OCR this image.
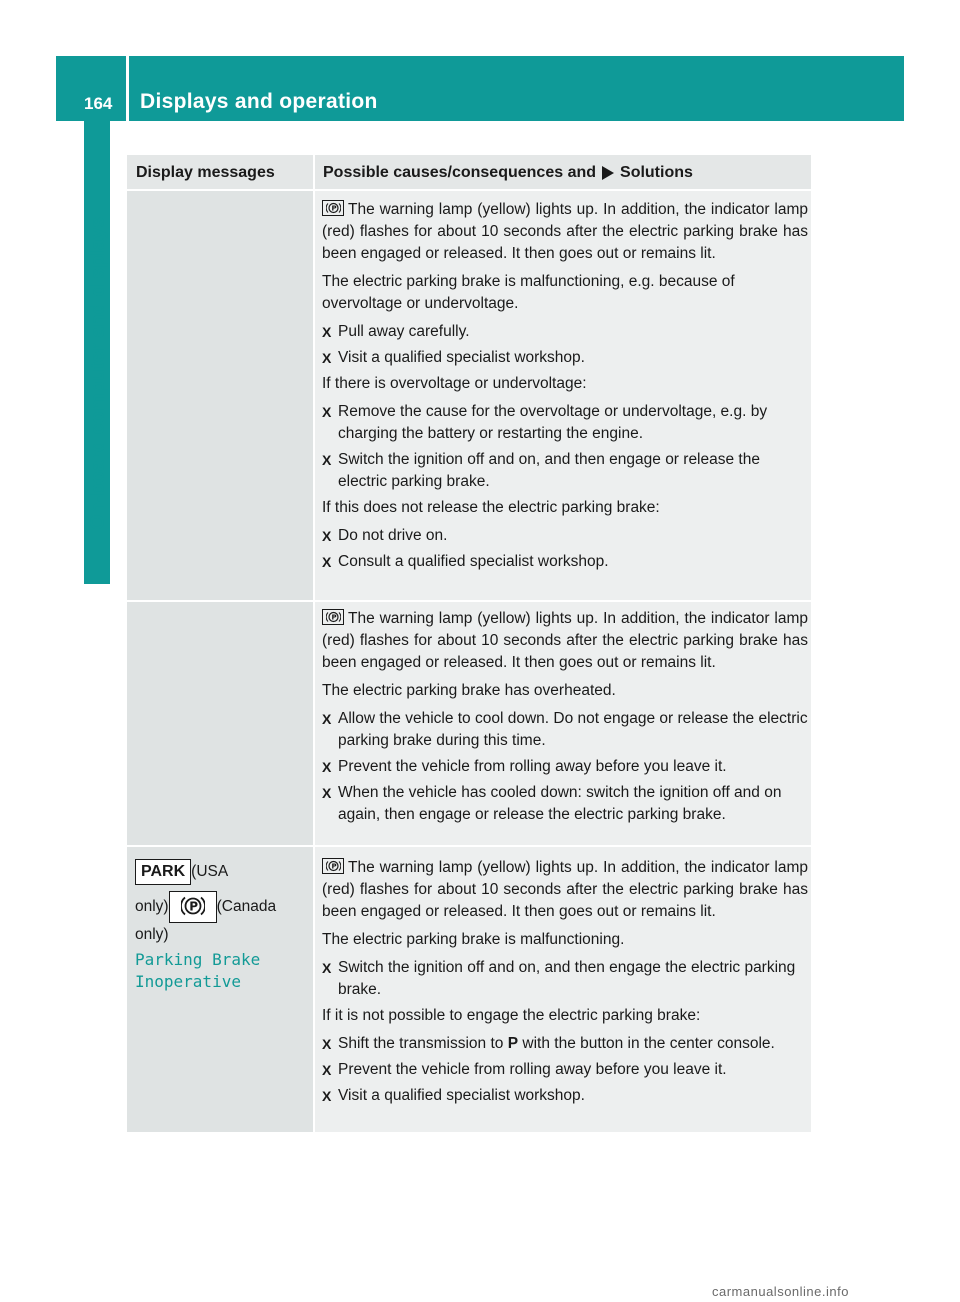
164 Displays and operation
On-board computer and displays
Display messages	Possible causes/consequences and Solutions

P The warning lamp (yellow) lights up. In addition, the indicator lamp (red) flashes for about 10 seconds after the electric parking brake has been engaged or released. It then goes out or remains lit.

The electric parking brake is malfunctioning, e.g. because of overvoltage or undervoltage.

X Pull away carefully.
X Visit a qualified specialist workshop.

If there is overvoltage or undervoltage:

X Remove the cause for the overvoltage or undervoltage, e.g. by charging the battery or restarting the engine.
X Switch the ignition off and on, and then engage or release the electric parking brake.

If this does not release the electric parking brake:

X Do not drive on.
X Consult a qualified specialist workshop.

P The warning lamp (yellow) lights up. In addition, the indicator lamp (red) flashes for about 10 seconds after the electric parking brake has been engaged or released. It then goes out or remains lit.

The electric parking brake has overheated.

X Allow the vehicle to cool down. Do not engage or release the electric parking brake during this time.
X Prevent the vehicle from rolling away before you leave it.
X When the vehicle has cooled down: switch the ignition off and on again, then engage or release the electric parking brake.
PARK (USA
only) P (Canada
only)
Parking Brake
Inoperative

P The warning lamp (yellow) lights up. In addition, the indicator lamp (red) flashes for about 10 seconds after the electric parking brake has been engaged or released. It then goes out or remains lit.

The electric parking brake is malfunctioning.

X Switch the ignition off and on, and then engage the electric parking brake.

If it is not possible to engage the electric parking brake:

X Shift the transmission to P with the button in the center console.
X Prevent the vehicle from rolling away before you leave it.
X Visit a qualified specialist workshop.
carmanualsonline.info
